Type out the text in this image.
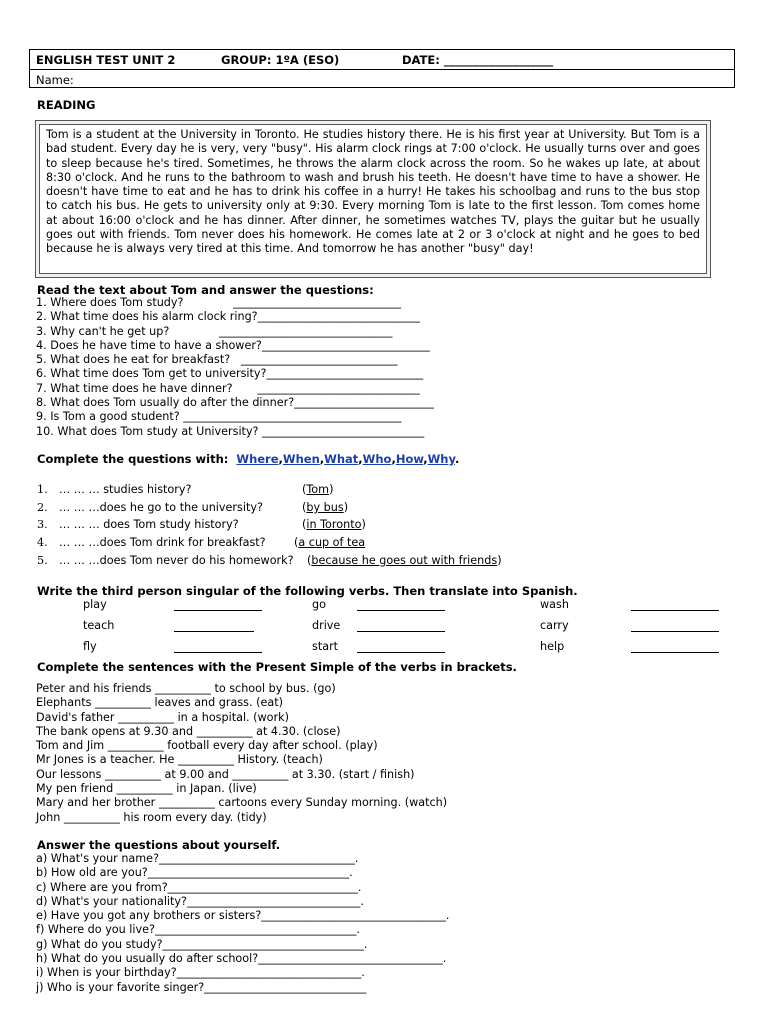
ENGLISH TEST UNIT 2	GROUP: 1ºA (ESO)	DATE: ___________________
Name:
READING
Tom is a student at the University in Toronto. He studies history there. He is his first year at University. But Tom is a bad student. Every day he is very, very "busy". His alarm clock rings at 7:00 o'clock. He usually turns over and goes to sleep because he's tired. Sometimes, he throws the alarm clock across the room. So he wakes up late, at about 8:30 o'clock. And he runs to the bathroom to wash and brush his teeth. He doesn't have time to have a shower. He doesn't have time to eat and he has to drink his coffee in a hurry! He takes his schoolbag and runs to the bus stop to catch his bus. He gets to university only at 9:30. Every morning Tom is late to the first lesson. Tom comes home at about 16:00 o'clock and he has dinner. After dinner, he sometimes watches TV, plays the guitar but he usually goes out with friends. Tom never does his homework. He comes late at 2 or 3 o'clock at night and he goes to bed because he is always very tired at this time. And tomorrow he has another "busy" day!
Read the text about Tom and answer the questions:
1. Where does Tom study?              ______________________________
2. What time does his alarm clock ring?_____________________________
3. Why can't he get up?              _______________________________
4. Does he have time to have a shower?______________________________
5. What does he eat for breakfast?   ____________________________
6. What time does Tom get to university?____________________________
7. What time does he have dinner?       _____________________________
8. What does Tom usually do after the dinner?_________________________
9. Is Tom a good student? _______________________________________
10. What does Tom study at University? _____________________________
Complete the questions with: Where,When,What,Who,How,Why.
1. … … … studies history?	(Tom)
2. … … …does he go to the university?	(by bus)
3. … … … does Tom study history?	(in Toronto)
4. … … …does Tom drink for breakfast?	(a cup of tea
5. … … …does Tom never do his homework? (because he goes out with friends)
Write the third person singular of the following verbs. Then translate into Spanish.
play	go	wash
teach	drive	carry
fly	start	help
Complete the sentences with the Present Simple of the verbs in brackets.
Peter and his friends __________ to school by bus. (go)
Elephants __________ leaves and grass. (eat)
David's father __________ in a hospital. (work)
The bank opens at 9.30 and __________ at 4.30. (close)
Tom and Jim __________ football every day after school. (play)
Mr Jones is a teacher. He __________ History. (teach)
Our lessons __________ at 9.00 and __________ at 3.30. (start / finish)
My pen friend __________ in Japan. (live)
Mary and her brother __________ cartoons every Sunday morning. (watch)
John __________ his room every day. (tidy)
Answer the questions about yourself.
a) What's your name?___________________________________.
b) How old are you?____________________________________.
c) Where are you from?__________________________________.
d) What's your nationality?_______________________________.
e) Have you got any brothers or sisters?_________________________________.
f) Where do you live?____________________________________.
g) What do you study?____________________________________.
h) What do you usually do after school?_________________________________.
i) When is your birthday?_________________________________.
j) Who is your favorite singer?_____________________________
